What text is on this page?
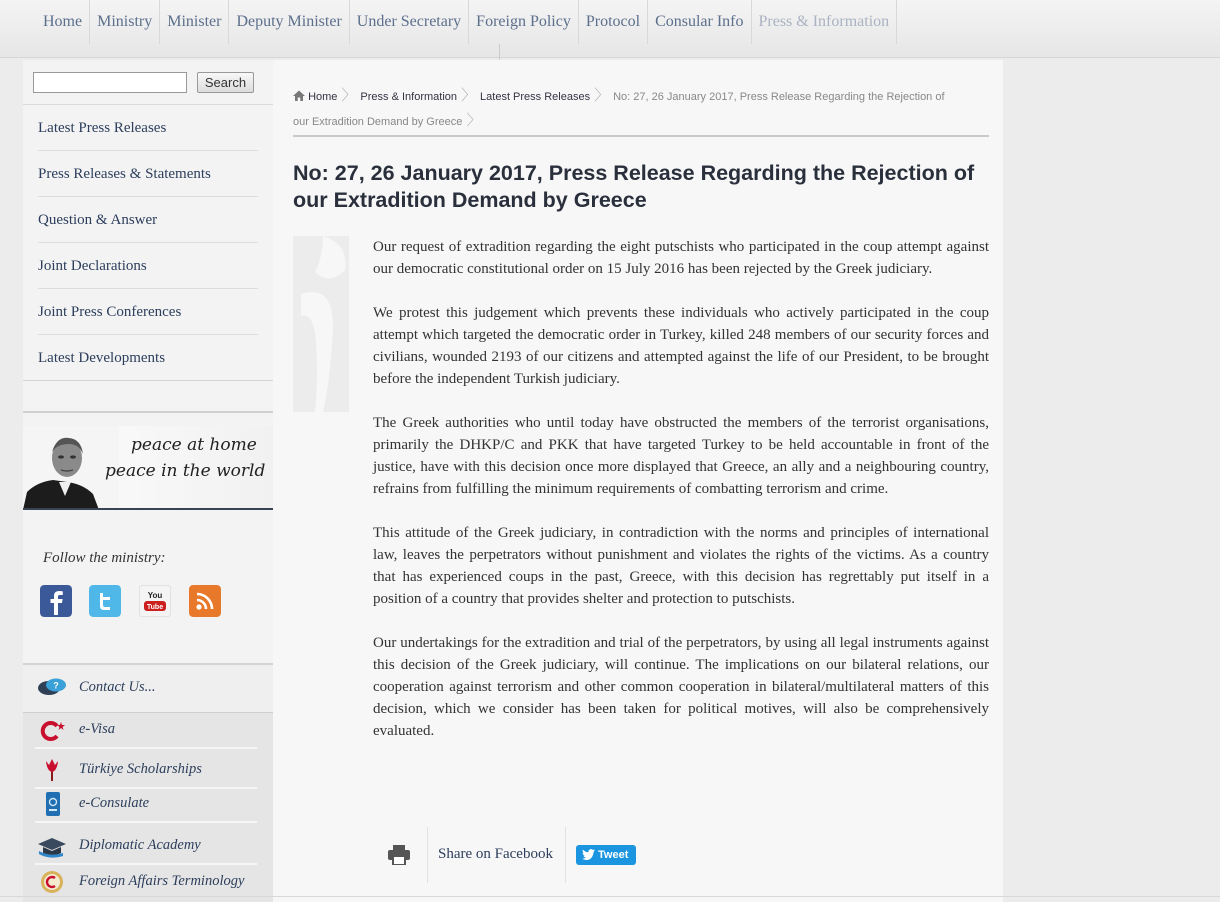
Home Ministry Minister Deputy Minister Under Secretary Foreign Policy Protocol Consular Info Press & Information
Search
Latest Press Releases
Press Releases & Statements
Question & Answer
Joint Declarations
Joint Press Conferences
Latest Developments
peace at home
peace in the world
Follow the ministry:
You
Tube
? Contact Us...
e-Visa
Türkiye Scholarships
e-Consulate
Diplomatic Academy
Foreign Affairs Terminology
Home 〉 Press & Information 〉 Latest Press Releases 〉 No: 27, 26 January 2017, Press Release Regarding the Rejection of our Extradition Demand by Greece 〉
No: 27, 26 January 2017, Press Release Regarding the Rejection of our Extradition Demand by Greece

Our request of extradition regarding the eight putschists who participated in the coup attempt against our democratic constitutional order on 15 July 2016 has been rejected by the Greek judiciary.

We protest this judgement which prevents these individuals who actively participated in the coup attempt which targeted the democratic order in Turkey, killed 248 members of our security forces and civilians, wounded 2193 of our citizens and attempted against the life of our President, to be brought before the independent Turkish judiciary.

The Greek authorities who until today have obstructed the members of the terrorist organisations, primarily the DHKP/C and PKK that have targeted Turkey to be held accountable in front of the justice, have with this decision once more displayed that Greece, an ally and a neighbouring country, refrains from fulfilling the minimum requirements of combatting terrorism and crime.

This attitude of the Greek judiciary, in contradiction with the norms and principles of international law, leaves the perpetrators without punishment and violates the rights of the victims. As a country that has experienced coups in the past, Greece, with this decision has regrettably put itself in a position of a country that provides shelter and protection to putschists.

Our undertakings for the extradition and trial of the perpetrators, by using all legal instruments against this decision of the Greek judiciary, will continue. The implications on our bilateral relations, our cooperation against terrorism and other common cooperation in bilateral/multilateral matters of this decision, which we consider has been taken for political motives, will also be comprehensively evaluated.

Share on Facebook	Tweet
